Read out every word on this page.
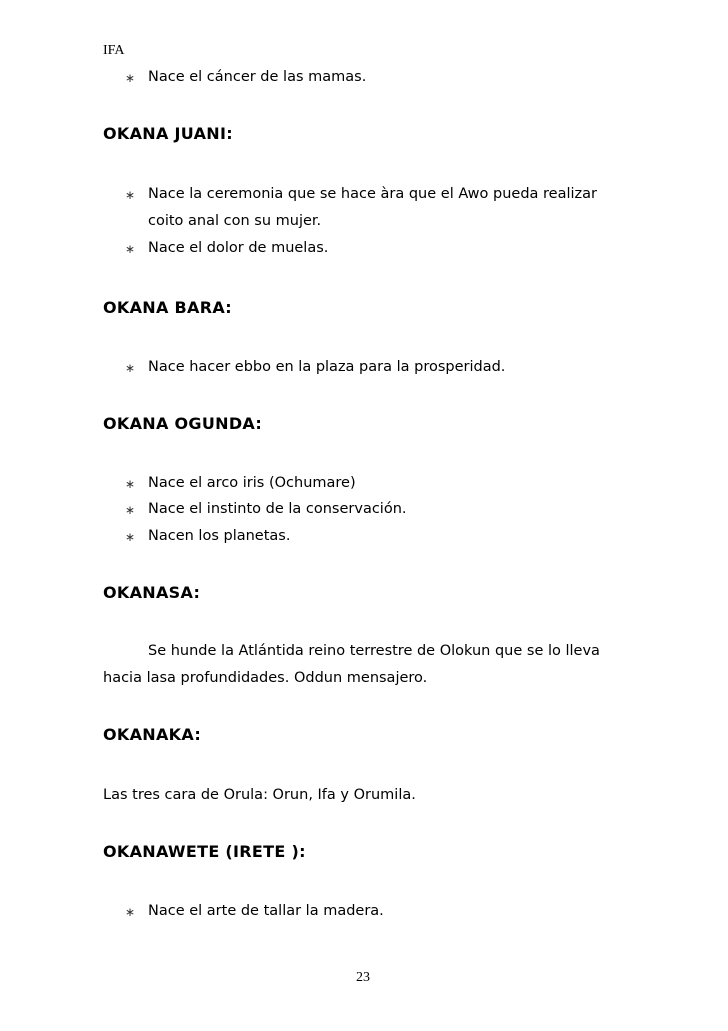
IFA
∗ Nace el cáncer de las mamas.
OKANA JUANI:
∗ Nace la ceremonia que se hace àra que el Awo pueda realizar
coito anal con su mujer.
∗ Nace el dolor de muelas.
OKANA BARA:
∗ Nace hacer ebbo en la plaza para la prosperidad.
OKANA OGUNDA:
∗ Nace el arco iris (Ochumare)
∗ Nace el instinto de la conservación.
∗ Nacen los planetas.
OKANASA:
Se hunde la Atlántida reino terrestre de Olokun que se lo lleva
hacia lasa profundidades. Oddun mensajero.
OKANAKA:
Las tres cara de Orula: Orun, Ifa y Orumila.
OKANAWETE (IRETE ):
∗ Nace el arte de tallar la madera.
23
